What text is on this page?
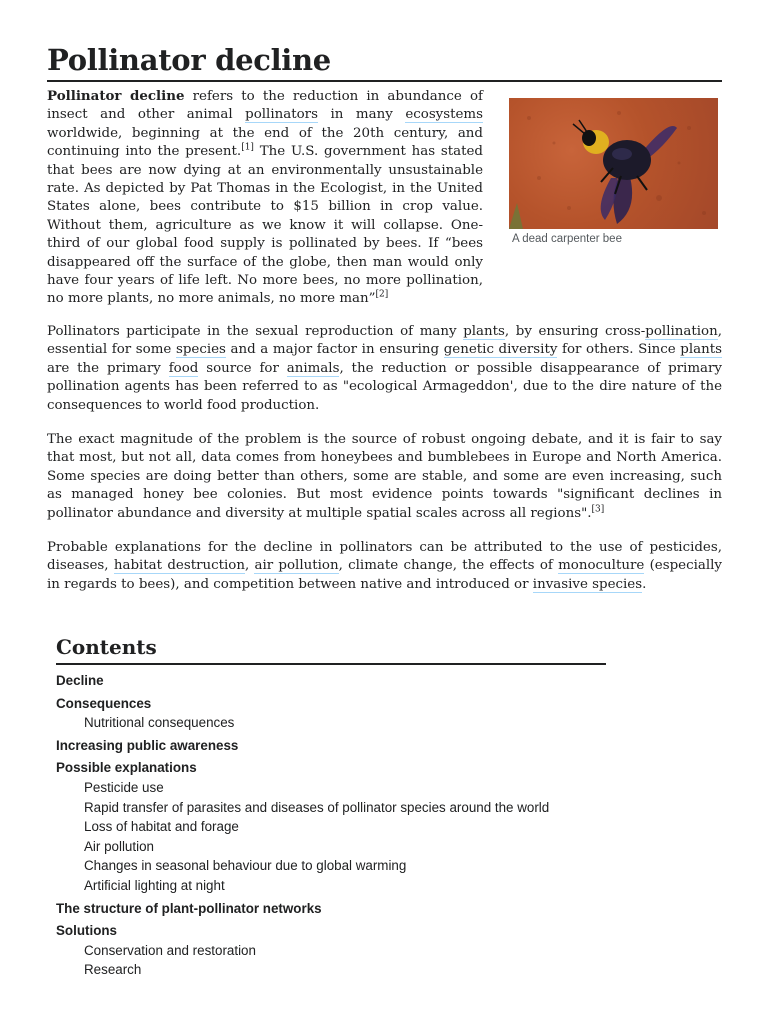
Pollinator decline
A dead carpenter bee

Pollinator decline refers to the reduction in abundance of insect and other animal pollinators in many ecosystems worldwide, beginning at the end of the 20th century, and continuing into the present.[1] The U.S. government has stated that bees are now dying at an environmentally unsustainable rate. As depicted by Pat Thomas in the Ecologist, in the United States alone, bees contribute to $15 billion in crop value. Without them, agriculture as we know it will collapse. One-third of our global food supply is pollinated by bees. If “bees disappeared off the surface of the globe, then man would only have four years of life left. No more bees, no more pollination, no more plants, no more animals, no more man”[2]

Pollinators participate in the sexual reproduction of many plants, by ensuring cross-pollination, essential for some species and a major factor in ensuring genetic diversity for others. Since plants are the primary food source for animals, the reduction or possible disappearance of primary pollination agents has been referred to as "ecological Armageddon', due to the dire nature of the consequences to world food production.

The exact magnitude of the problem is the source of robust ongoing debate, and it is fair to say that most, but not all, data comes from honeybees and bumblebees in Europe and North America. Some species are doing better than others, some are stable, and some are even increasing, such as managed honey bee colonies. But most evidence points towards "significant declines in pollinator abundance and diversity at multiple spatial scales across all regions".[3]

Probable explanations for the decline in pollinators can be attributed to the use of pesticides, diseases, habitat destruction, air pollution, climate change, the effects of monoculture (especially in regards to bees), and competition between native and introduced or invasive species.

Contents
Decline
Consequences
Nutritional consequences
Increasing public awareness
Possible explanations
Pesticide use
Rapid transfer of parasites and diseases of pollinator species around the world
Loss of habitat and forage
Air pollution
Changes in seasonal behaviour due to global warming
Artificial lighting at night
The structure of plant-pollinator networks
Solutions
Conservation and restoration
Research
